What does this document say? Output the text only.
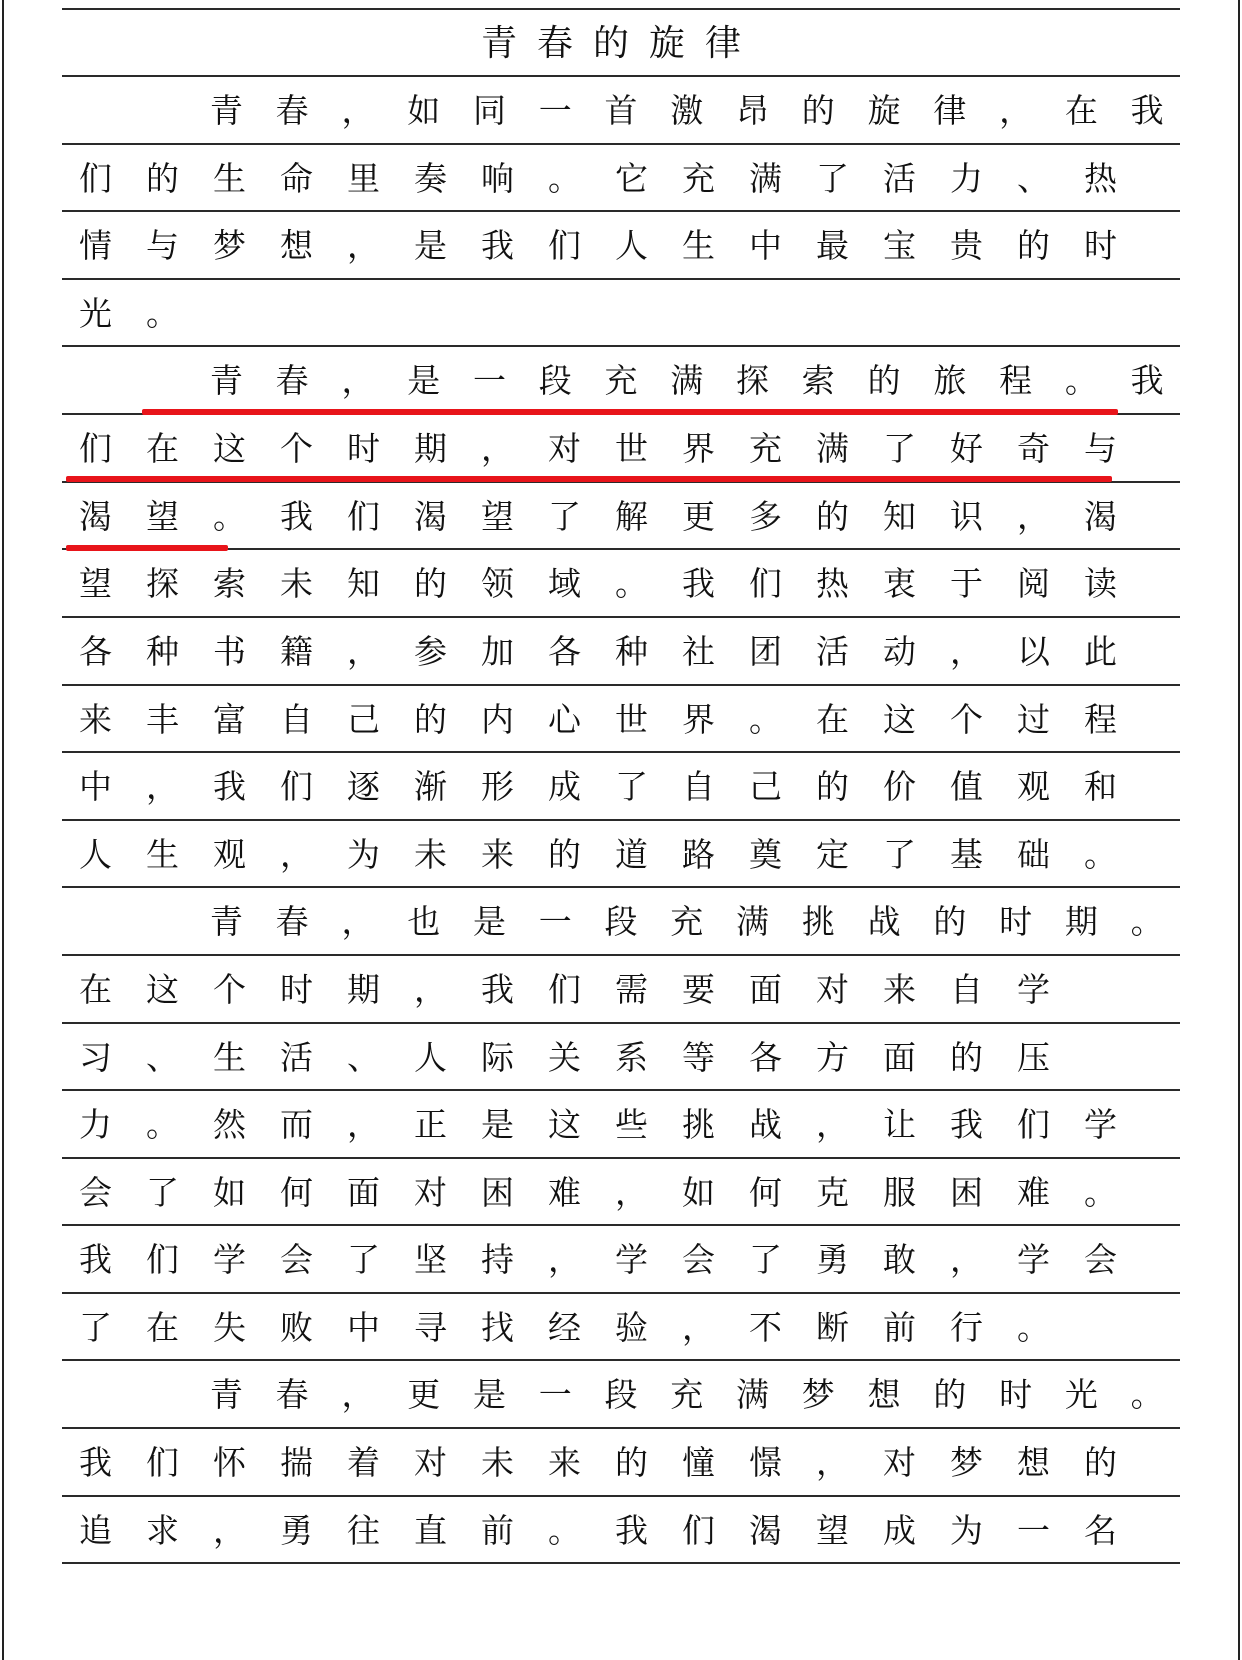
青春的旋律

青 春 ， 如 同 一 首 激 昂 的 旋 律 ， 在 我
们	的	生	命	里	奏	响	。	它	充	满	了	活	力	、	热
情	与	梦	想	，	是	我	们	人	生	中	最	宝	贵	的	时
光	。

青 春 ， 是 一 段 充 满 探 索 的 旅 程 。 我
们	在	这	个	时	期	，	对	世	界	充	满	了	好	奇	与
渴	望	。	我	们	渴	望	了	解	更	多	的	知	识	，	渴
望	探	索	未	知	的	领	域	。	我	们	热	衷	于	阅	读
各	种	书	籍	，	参	加	各	种	社	团	活	动	，	以	此
来	丰	富	自	己	的	内	心	世	界	。	在	这	个	过	程
中	，	我	们	逐	渐	形	成	了	自	己	的	价	值	观	和
人	生	观	，	为	未	来	的	道	路	奠	定	了	基	础	。

青 春 ， 也 是 一 段 充 满 挑 战 的 时 期 。
在	这	个	时	期	，	我	们	需	要	面	对	来	自	学
习	、	生	活	、	人	际	关	系	等	各	方	面	的	压
力	。	然	而	，	正	是	这	些	挑	战	，	让	我	们	学
会	了	如	何	面	对	困	难	，	如	何	克	服	困	难	。
我	们	学	会	了	坚	持	，	学	会	了	勇	敢	，	学	会
了	在	失	败	中	寻	找	经	验	，	不	断	前	行	。

青 春 ， 更 是 一 段 充 满 梦 想 的 时 光 。
我	们	怀	揣	着	对	未	来	的	憧	憬	，	对	梦	想	的
追	求	，	勇	往	直	前	。	我	们	渴	望	成	为	一	名
